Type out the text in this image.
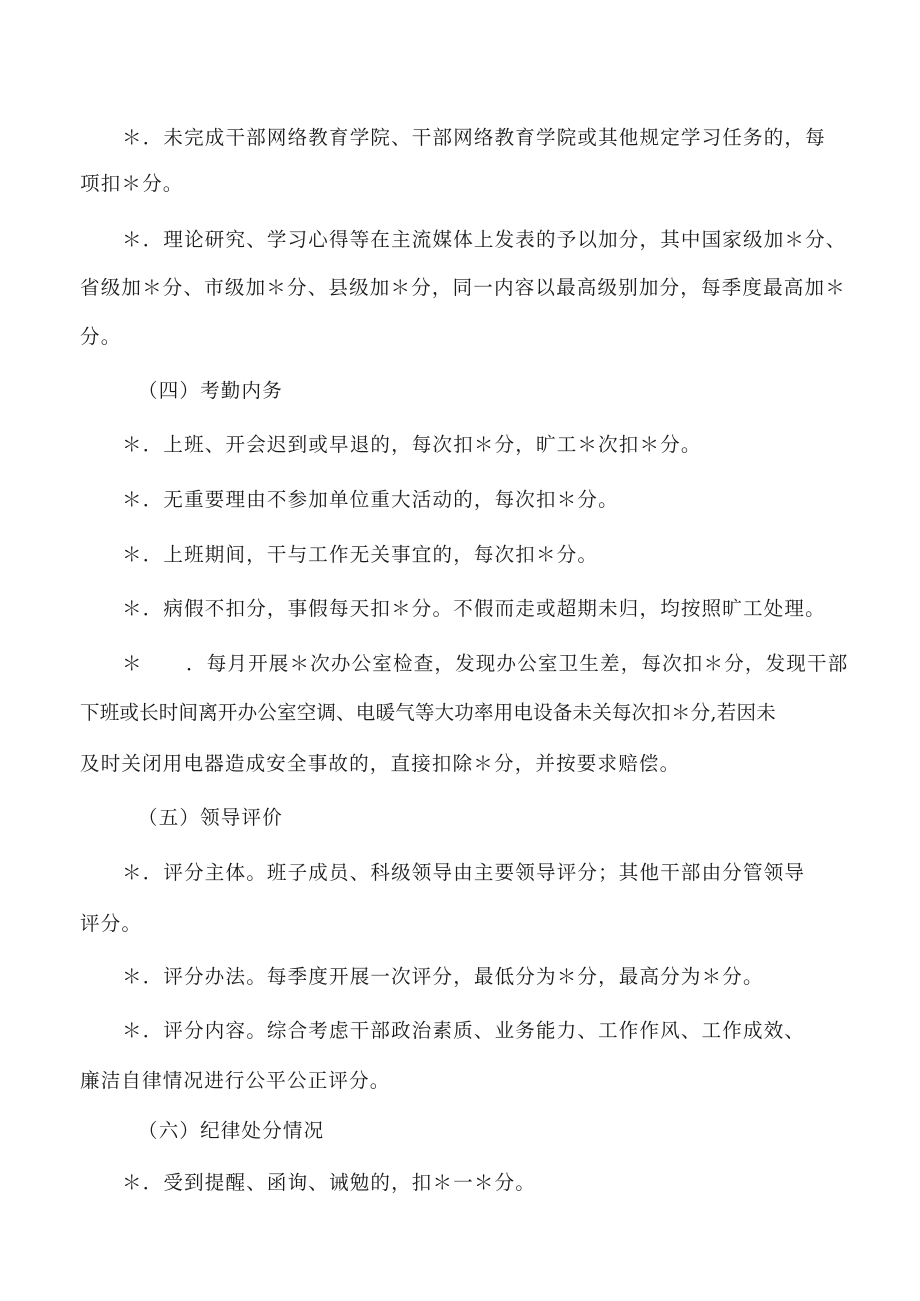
＊．未完成干部网络教育学院、干部网络教育学院或其他规定学习任务的，每
项扣＊分。
＊．理论研究、学习心得等在主流媒体上发表的予以加分，其中国家级加＊分、
省级加＊分、市级加＊分、县级加＊分，同一内容以最高级别加分，每季度最高加＊
分。
（四）考勤内务
＊．上班、开会迟到或早退的，每次扣＊分，旷工＊次扣＊分。
＊．无重要理由不参加单位重大活动的，每次扣＊分。
＊．上班期间，干与工作无关事宜的，每次扣＊分。
＊．病假不扣分，事假每天扣＊分。不假而走或超期未归，均按照旷工处理。
＊ ．每月开展＊次办公室检查，发现办公室卫生差，每次扣＊分，发现干部
下班或长时间离开办公室空调、电暖气等大功率用电设备未关每次扣＊分,若因未
及时关闭用电器造成安全事故的，直接扣除＊分，并按要求赔偿。
（五）领导评价
＊．评分主体。班子成员、科级领导由主要领导评分；其他干部由分管领导
评分。
＊．评分办法。每季度开展一次评分，最低分为＊分，最高分为＊分。
＊．评分内容。综合考虑干部政治素质、业务能力、工作作风、工作成效、
廉洁自律情况进行公平公正评分。
（六）纪律处分情况
＊．受到提醒、函询、诫勉的，扣＊一＊分。
